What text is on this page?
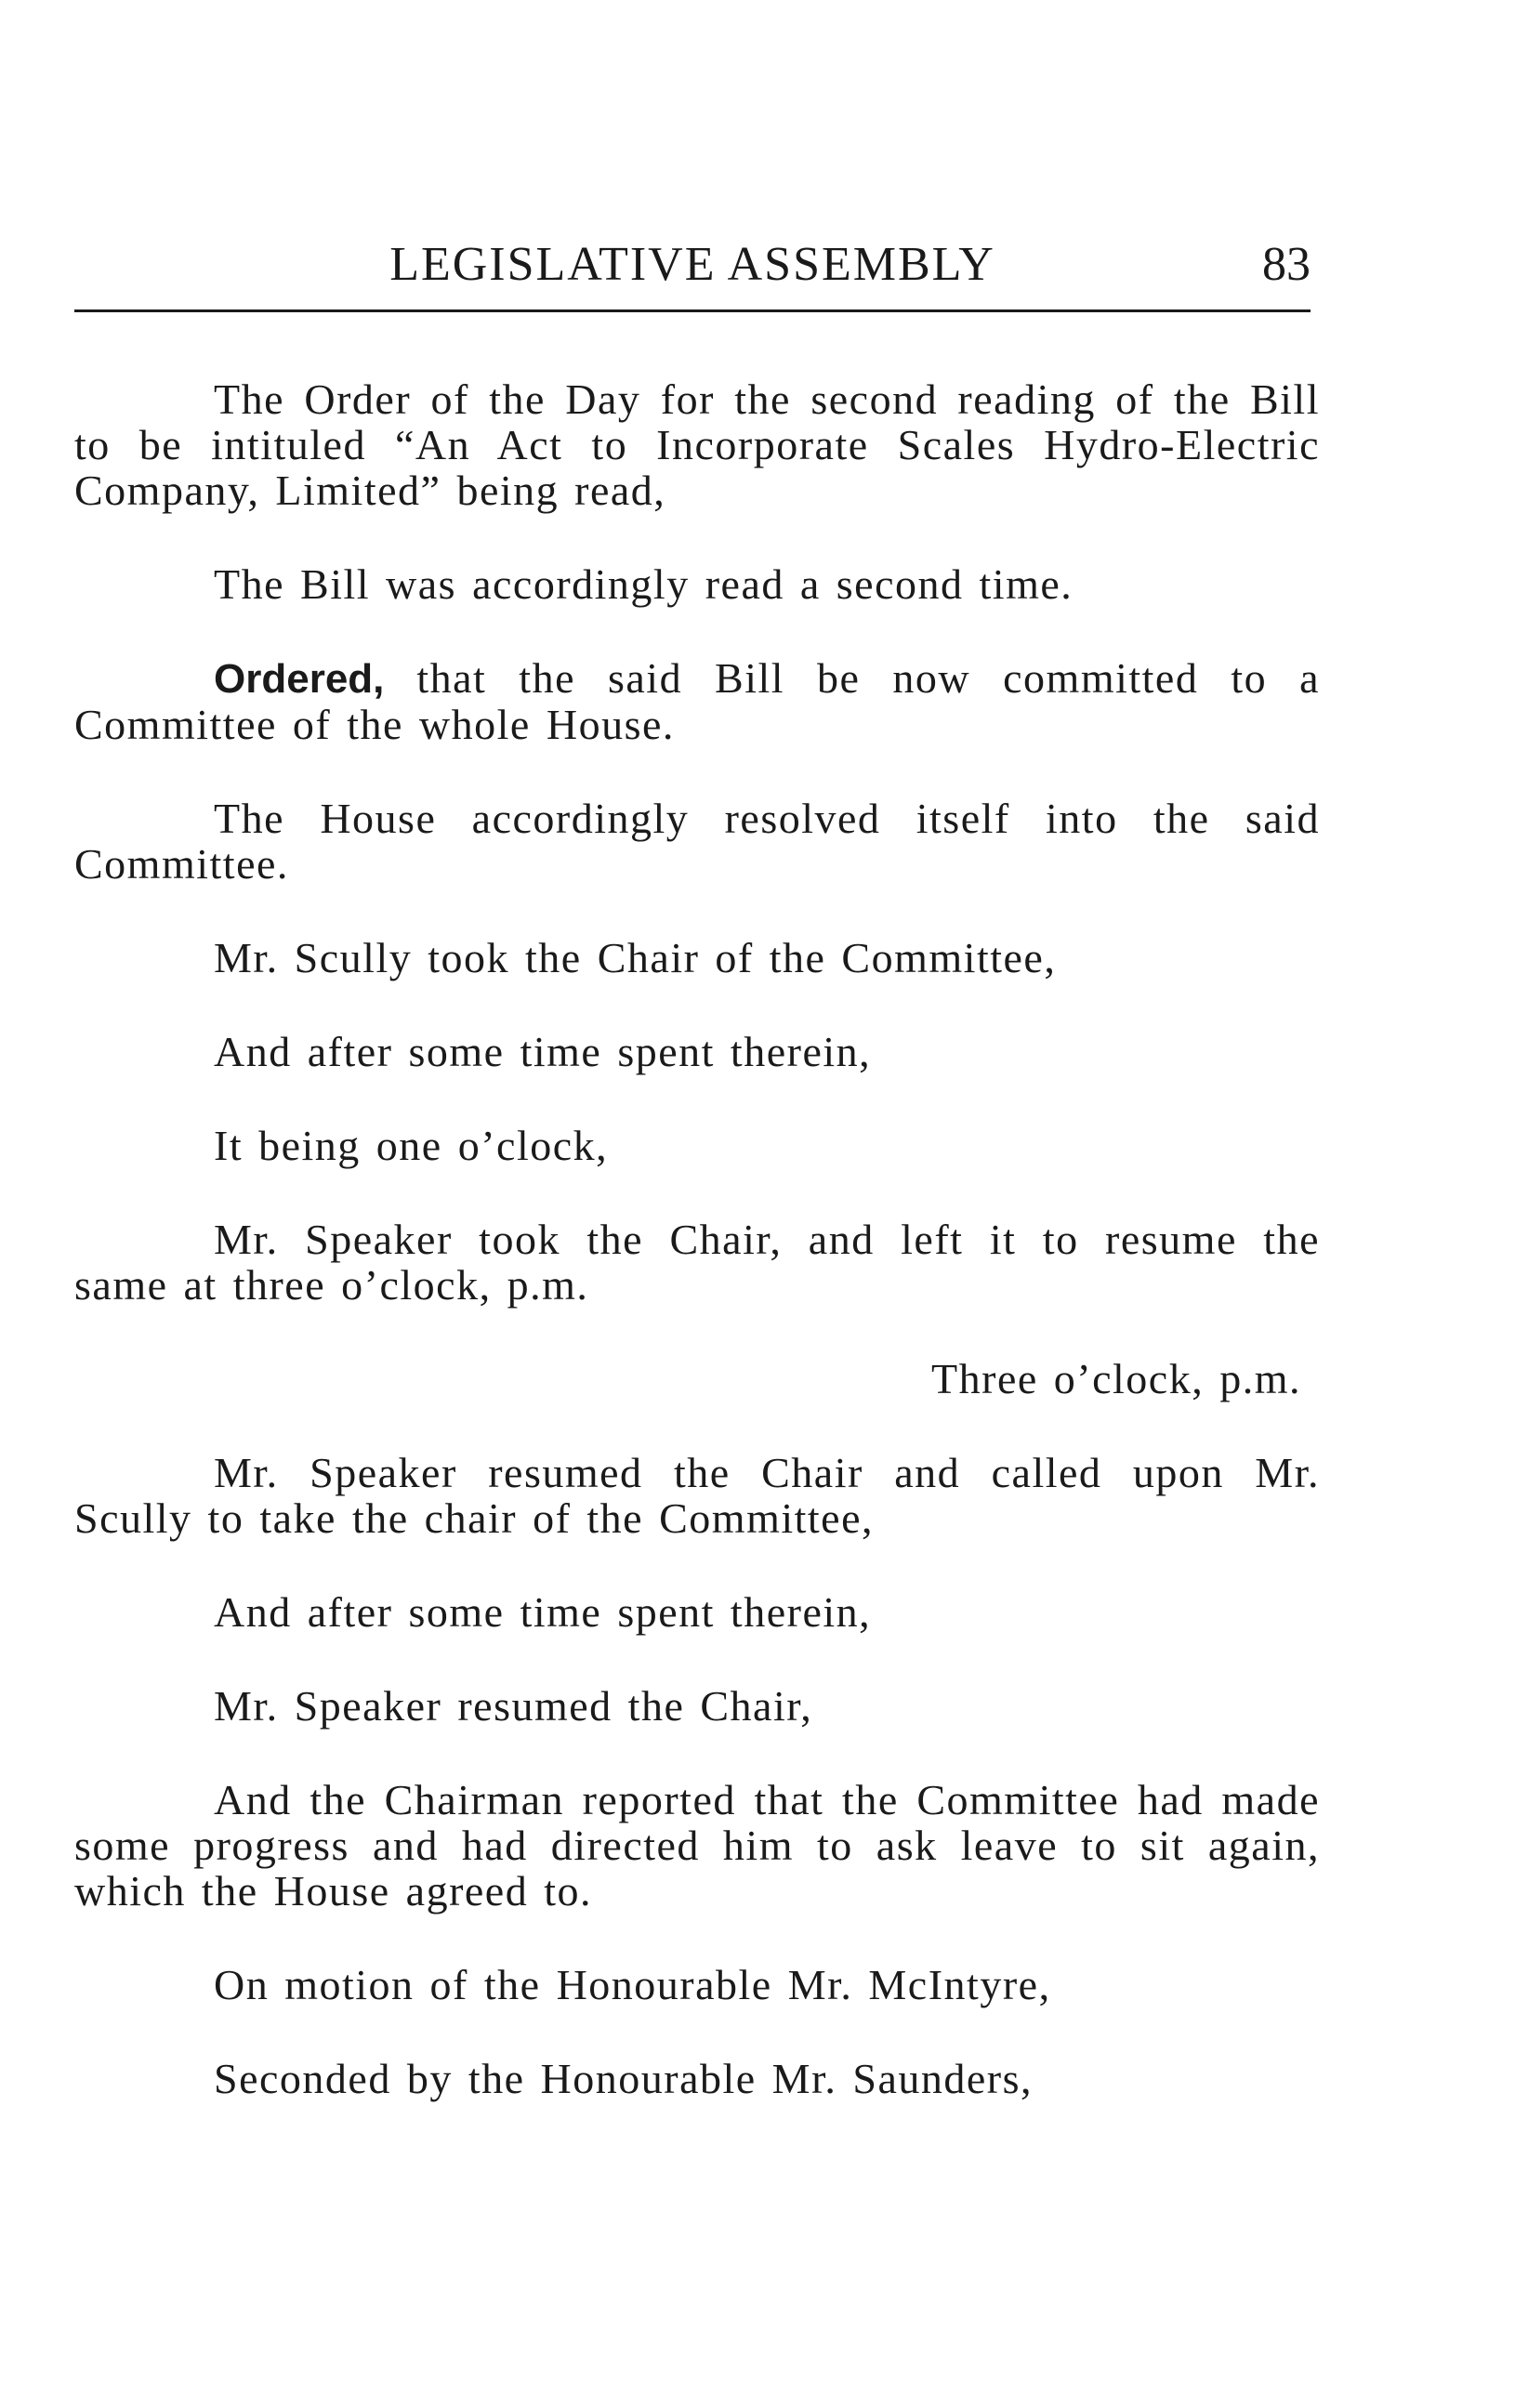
LEGISLATIVE ASSEMBLY	83

The Order of the Day for the second reading of the Bill to be intituled “An Act to Incorporate Scales Hydro-Electric Company, Limited” being read,

The Bill was accordingly read a second time.

Ordered, that the said Bill be now committed to a Committee of the whole House.

The House accordingly resolved itself into the said Committee.

Mr. Scully took the Chair of the Committee,

And after some time spent therein,

It being one o’clock,

Mr. Speaker took the Chair, and left it to resume the same at three o’clock, p.m.

Three o’clock, p.m.

Mr. Speaker resumed the Chair and called upon Mr. Scully to take the chair of the Committee,

And after some time spent therein,

Mr. Speaker resumed the Chair,

And the Chairman reported that the Committee had made some progress and had directed him to ask leave to sit again, which the House agreed to.

On motion of the Honourable Mr. McIntyre,

Seconded by the Honourable Mr. Saunders,
